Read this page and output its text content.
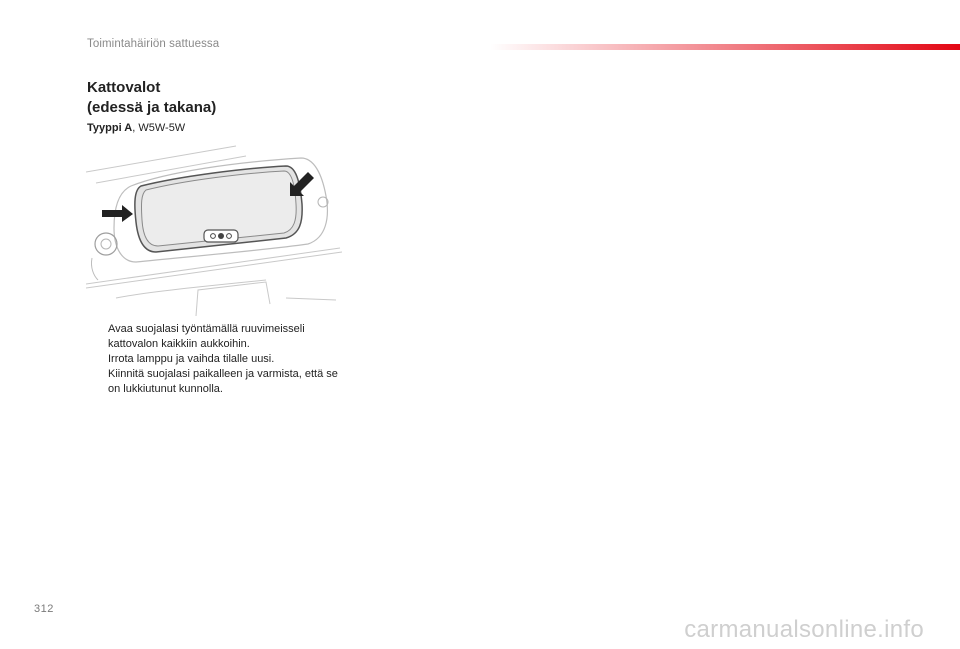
Toimintahäiriön sattuessa
Kattovalot
(edessä ja takana)
Tyyppi A, W5W-5W
Avaa suojalasi työntämällä ruuvimeisseli kattovalon kaikkiin aukkoihin.
Irrota lamppu ja vaihda tilalle uusi.
Kiinnitä suojalasi paikalleen ja varmista, että se on lukkiutunut kunnolla.
312
carmanualsonline.info
